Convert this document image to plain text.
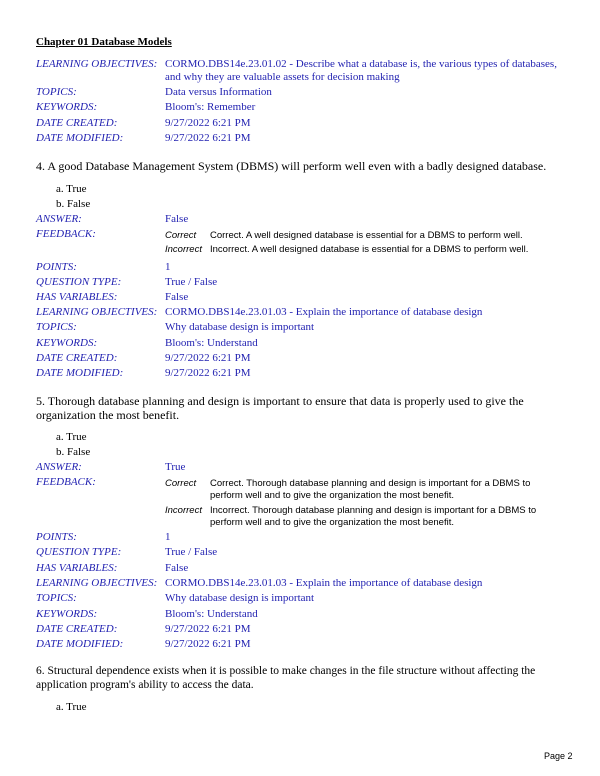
Chapter 01 Database Models
LEARNING OBJECTIVES: CORMO.DBS14e.23.01.02 - Describe what a database is, the various types of databases,
and why they are valuable assets for decision making
TOPICS:	Data versus Information
KEYWORDS:	Bloom's: Remember
DATE CREATED:	9/27/2022 6:21 PM
DATE MODIFIED:	9/27/2022 6:21 PM
4. A good Database Management System (DBMS) will perform well even with a badly designed database.
a. True
b. False
ANSWER:	False
FEEDBACK:	Correct Correct. A well designed database is essential for a DBMS to perform well.
Incorrect Incorrect. A well designed database is essential for a DBMS to perform well.
POINTS:	1
QUESTION TYPE:	True / False
HAS VARIABLES:	False
LEARNING OBJECTIVES: CORMO.DBS14e.23.01.03 - Explain the importance of database design
TOPICS:	Why database design is important
KEYWORDS:	Bloom's: Understand
DATE CREATED:	9/27/2022 6:21 PM
DATE MODIFIED:	9/27/2022 6:21 PM
5. Thorough database planning and design is important to ensure that data is properly used to give the
organization the most benefit.
a. True
b. False
ANSWER:	True
FEEDBACK:	Correct Correct. Thorough database planning and design is important for a DBMS to
perform well and to give the organization the most benefit.
Incorrect Incorrect. Thorough database planning and design is important for a DBMS to
perform well and to give the organization the most benefit.
POINTS:	1
QUESTION TYPE:	True / False
HAS VARIABLES:	False
LEARNING OBJECTIVES: CORMO.DBS14e.23.01.03 - Explain the importance of database design
TOPICS:	Why database design is important
KEYWORDS:	Bloom's: Understand
DATE CREATED:	9/27/2022 6:21 PM
DATE MODIFIED:	9/27/2022 6:21 PM
6. Structural dependence exists when it is possible to make changes in the file structure without affecting the
application program's ability to access the data.
a. True
Page 2
